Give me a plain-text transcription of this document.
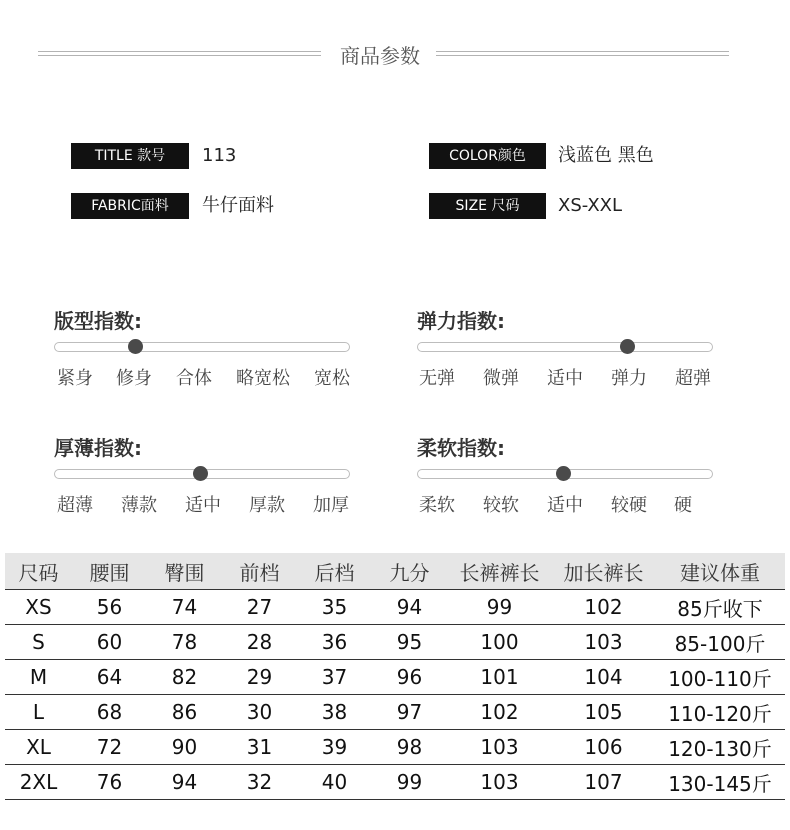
商品参数
TITLE 款号	113
FABRIC面料	牛仔面料
COLOR颜色	浅蓝色 黑色
SIZE 尺码	XS-XXL
版型指数:
紧身 修身 合体 略宽松 宽松
弹力指数:
无弹 微弹 适中 弹力 超弹
厚薄指数:
超薄 薄款 适中 厚款 加厚
柔软指数:
柔软 较软 适中 较硬 硬
尺码	腰围	臀围	前档	后档	九分	长裤裤长	加长裤长	建议体重
XS	56	74	27	35	94	99	102	85斤收下
S	60	78	28	36	95	100	103	85-100斤
M	64	82	29	37	96	101	104	100-110斤
L	68	86	30	38	97	102	105	110-120斤
XL	72	90	31	39	98	103	106	120-130斤
2XL	76	94	32	40	99	103	107	130-145斤
